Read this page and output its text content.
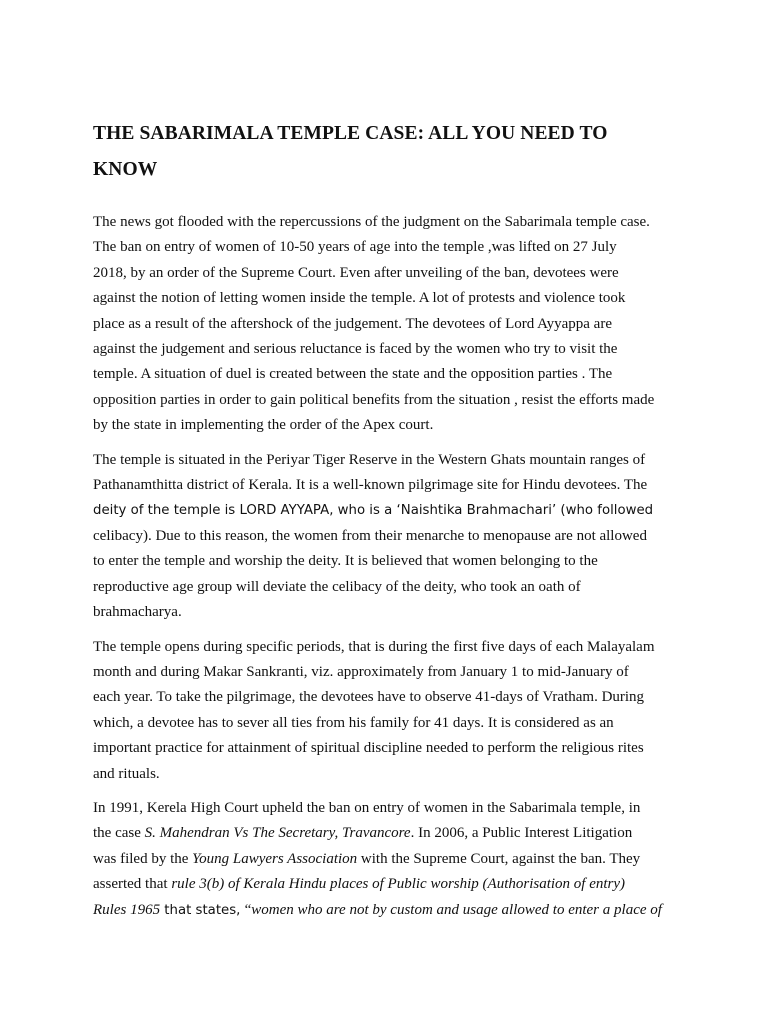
THE SABARIMALA TEMPLE CASE: ALL YOU NEED TO
KNOW

The news got flooded with the repercussions of the judgment on the Sabarimala temple case.
The ban on entry of women of 10-50 years of age into the temple ,was lifted on 27 July
2018, by an order of the Supreme Court. Even after unveiling of the ban, devotees were
against the notion of letting women inside the temple. A lot of protests and violence took
place as a result of the aftershock of the judgement. The devotees of Lord Ayyappa are
against the judgement and serious reluctance is faced by the women who try to visit the
temple. A situation of duel is created between the state and the opposition parties . The
opposition parties in order to gain political benefits from the situation , resist the efforts made
by the state in implementing the order of the Apex court.

The temple is situated in the Periyar Tiger Reserve in the Western Ghats mountain ranges of
Pathanamthitta district of Kerala. It is a well-known pilgrimage site for Hindu devotees. The
deity of the temple is LORD AYYAPA, who is a ‘Naishtika Brahmachari’ (who followed
celibacy). Due to this reason, the women from their menarche to menopause are not allowed
to enter the temple and worship the deity. It is believed that women belonging to the
reproductive age group will deviate the celibacy of the deity, who took an oath of
brahmacharya.

The temple opens during specific periods, that is during the first five days of each Malayalam
month and during Makar Sankranti, viz. approximately from January 1 to mid-January of
each year. To take the pilgrimage, the devotees have to observe 41-days of Vratham. During
which, a devotee has to sever all ties from his family for 41 days. It is considered as an
important practice for attainment of spiritual discipline needed to perform the religious rites
and rituals.

In 1991, Kerela High Court upheld the ban on entry of women in the Sabarimala temple, in
the case S. Mahendran Vs The Secretary, Travancore. In 2006, a Public Interest Litigation
was filed by the Young Lawyers Association with the Supreme Court, against the ban. They
asserted that rule 3(b) of Kerala Hindu places of Public worship (Authorisation of entry)
Rules 1965 that states, “women who are not by custom and usage allowed to enter a place of
